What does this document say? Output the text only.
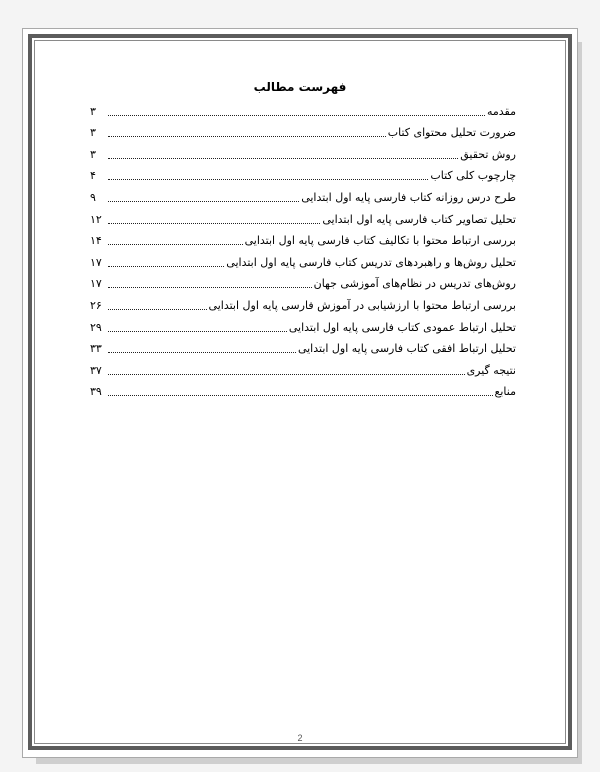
فهرست مطالب
مقدمه
۳
ضرورت تحلیل محتوای کتاب
۳
روش تحقیق
۳
چارچوب کلی کتاب
۴
طرح درس روزانه کتاب فارسی پایه اول ابتدایی
۹
تحلیل تصاویر کتاب فارسی پایه اول ابتدایی
۱۲
بررسی ارتباط محتوا با تکالیف کتاب فارسی پایه اول ابتدایی
۱۴
تحلیل روش‌ها و راهبردهای تدریس کتاب فارسی پایه اول ابتدایی
۱۷
روش‌های تدریس در نظام‌های آموزشی جهان
۱۷
بررسی ارتباط محتوا با ارزشیابی در آموزش فارسی پایه اول ابتدایی
۲۶
تحلیل ارتباط عمودی کتاب فارسی پایه اول ابتدایی
۲۹
تحلیل ارتباط افقی کتاب فارسی پایه اول ابتدایی
۳۳
نتیجه گیری
۳۷
منابع
۳۹
2
